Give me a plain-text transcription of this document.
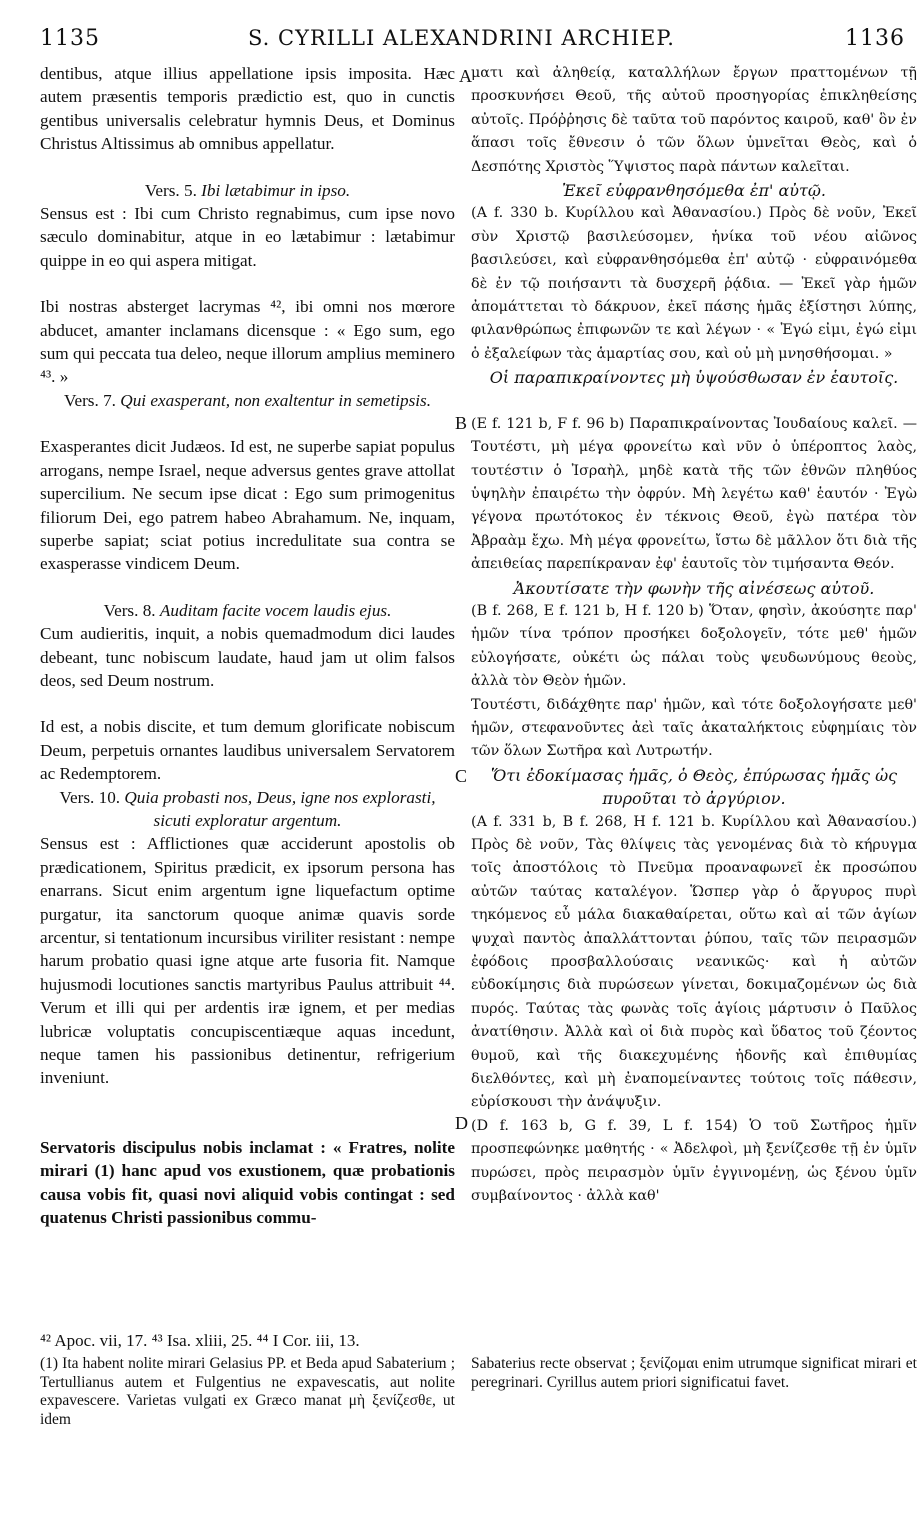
1135	S. CYRILLI ALEXANDRINI ARCHIEP.	1136
A
B
C
D

dentibus, atque illius appellatione ipsis imposita. Hæc autem præsentis temporis prædictio est, quo in cunctis gentibus universalis celebratur hymnis Deus, et Dominus Christus Altissimus ab omnibus appellatur.

Vers. 5. Ibi lætabimur in ipso.

Sensus est : Ibi cum Christo regnabimus, cum ipse novo sæculo dominabitur, atque in eo lætabimur : lætabimur quippe in eo qui aspera mitigat.

Ibi nostras absterget lacrymas ⁴², ibi omni nos mœrore abducet, amanter inclamans dicensque : « Ego sum, ego sum qui peccata tua deleo, neque illorum amplius meminero ⁴³. »

Vers. 7. Qui exasperant, non exaltentur in semetipsis.

Exasperantes dicit Judæos. Id est, ne superbe sapiat populus arrogans, nempe Israel, neque adversus gentes grave attollat supercilium. Ne secum ipse dicat : Ego sum primogenitus filiorum Dei, ego patrem habeo Abrahamum. Ne, inquam, superbe sapiat; sciat potius incredulitate sua contra se exasperasse vindicem Deum.

Vers. 8. Auditam facite vocem laudis ejus.

Cum audieritis, inquit, a nobis quemadmodum dici laudes debeant, tunc nobiscum laudate, haud jam ut olim falsos deos, sed Deum nostrum.

Id est, a nobis discite, et tum demum glorificate nobiscum Deum, perpetuis ornantes laudibus universalem Servatorem ac Redemptorem.

Vers. 10. Quia probasti nos, Deus, igne nos explorasti, sicuti exploratur argentum.

Sensus est : Afflictiones quæ acciderunt apostolis ob prædicationem, Spiritus prædicit, ex ipsorum persona has enarrans. Sicut enim argentum igne liquefactum optime purgatur, ita sanctorum quoque animæ quavis sorde arcentur, si tentationum incursibus viriliter resistant : nempe harum probatio quasi igne atque arte fusoria fit. Namque hujusmodi locutiones sanctis martyribus Paulus attribuit ⁴⁴. Verum et illi qui per ardentis iræ ignem, et per medias lubricæ voluptatis concupiscentiæque aquas incedunt, neque tamen his passionibus detinentur, refrigerium inveniunt.

Servatoris discipulus nobis inclamat : « Fratres, nolite mirari (1) hanc apud vos exustionem, quæ probationis causa vobis fit, quasi novi aliquid vobis contingat : sed quatenus Christi passionibus commu-

ματι καὶ ἀληθείᾳ, καταλλήλων ἔργων πραττομένων τῇ προσκυνήσει Θεοῦ, τῆς αὐτοῦ προσηγορίας ἐπικληθείσης αὐτοῖς. Πρόῤῥησις δὲ ταῦτα τοῦ παρόντος καιροῦ, καθ' ὃν ἐν ἅπασι τοῖς ἔθνεσιν ὁ τῶν ὅλων ὑμνεῖται Θεὸς, καὶ ὁ Δεσπότης Χριστὸς Ὕψιστος παρὰ πάντων καλεῖται.

Ἐκεῖ εὐφρανθησόμεθα ἐπ' αὐτῷ.

(A f. 330 b. Κυρίλλου καὶ Ἀθανασίου.) Πρὸς δὲ νοῦν, Ἐκεῖ σὺν Χριστῷ βασιλεύσομεν, ἡνίκα τοῦ νέου αἰῶνος βασιλεύσει, καὶ εὐφρανθησόμεθα ἐπ' αὐτῷ · εὐφραινόμεθα δὲ ἐν τῷ ποιήσαντι τὰ δυσχερῆ ῥᾴδια. — Ἐκεῖ γὰρ ἡμῶν ἀπομάττεται τὸ δάκρυον, ἐκεῖ πάσης ἡμᾶς ἐξίστησι λύπης, φιλανθρώπως ἐπιφωνῶν τε καὶ λέγων · « Ἐγώ εἰμι, ἐγώ εἰμι ὁ ἐξαλείφων τὰς ἁμαρτίας σου, καὶ οὐ μὴ μνησθήσομαι. »

Οἱ παραπικραίνοντες μὴ ὑψούσθωσαν ἐν ἑαυτοῖς.

(E f. 121 b, F f. 96 b) Παραπικραίνοντας Ἰουδαίους καλεῖ. — Τουτέστι, μὴ μέγα φρονείτω καὶ νῦν ὁ ὑπέροπτος λαὸς, τουτέστιν ὁ Ἰσραὴλ, μηδὲ κατὰ τῆς τῶν ἐθνῶν πληθύος ὑψηλὴν ἐπαιρέτω τὴν ὀφρύν. Μὴ λεγέτω καθ' ἑαυτόν · Ἐγὼ γέγονα πρωτότοκος ἐν τέκνοις Θεοῦ, ἐγὼ πατέρα τὸν Ἀβραὰμ ἔχω. Μὴ μέγα φρονείτω, ἴστω δὲ μᾶλλον ὅτι διὰ τῆς ἀπειθείας παρεπίκραναν ἐφ' ἑαυτοῖς τὸν τιμήσαντα Θεόν.

Ἀκουτίσατε τὴν φωνὴν τῆς αἰνέσεως αὐτοῦ.

(B f. 268, E f. 121 b, H f. 120 b) Ὅταν, φησὶν, ἀκούσητε παρ' ἡμῶν τίνα τρόπον προσήκει δοξολογεῖν, τότε μεθ' ἡμῶν εὐλογήσατε, οὐκέτι ὡς πάλαι τοὺς ψευδωνύμους θεοὺς, ἀλλὰ τὸν Θεὸν ἡμῶν.

Τουτέστι, διδάχθητε παρ' ἡμῶν, καὶ τότε δοξολογήσατε μεθ' ἡμῶν, στεφανοῦντες ἀεὶ ταῖς ἀκαταλήκτοις εὐφημίαις τὸν τῶν ὅλων Σωτῆρα καὶ Λυτρωτήν.

Ὅτι ἐδοκίμασας ἡμᾶς, ὁ Θεὸς, ἐπύρωσας ἡμᾶς ὡς πυροῦται τὸ ἀργύριον.

(A f. 331 b, B f. 268, H f. 121 b. Κυρίλλου καὶ Ἀθανασίου.) Πρὸς δὲ νοῦν, Τὰς θλίψεις τὰς γενομένας διὰ τὸ κήρυγμα τοῖς ἀποστόλοις τὸ Πνεῦμα προαναφωνεῖ ἐκ προσώπου αὐτῶν ταύτας καταλέγον. Ὥσπερ γὰρ ὁ ἄργυρος πυρὶ τηκόμενος εὖ μάλα διακαθαίρεται, οὕτω καὶ αἱ τῶν ἁγίων ψυχαὶ παντὸς ἀπαλλάττονται ῥύπου, ταῖς τῶν πειρασμῶν ἐφόδοις προσβαλλούσαις νεανικῶς· καὶ ἡ αὐτῶν εὐδοκίμησις διὰ πυρώσεων γίνεται, δοκιμαζομένων ὡς διὰ πυρός. Ταύτας τὰς φωνὰς τοῖς ἁγίοις μάρτυσιν ὁ Παῦλος ἀνατίθησιν. Ἀλλὰ καὶ οἱ διὰ πυρὸς καὶ ὕδατος τοῦ ζέοντος θυμοῦ, καὶ τῆς διακεχυμένης ἡδονῆς καὶ ἐπιθυμίας διελθόντες, καὶ μὴ ἐναπομείναντες τούτοις τοῖς πάθεσιν, εὑρίσκουσι τὴν ἀνάψυξιν.

(D f. 163 b, G f. 39, L f. 154) Ὁ τοῦ Σωτῆρος ἡμῖν προσπεφώνηκε μαθητής · « Ἀδελφοὶ, μὴ ξενίζεσθε τῇ ἐν ὑμῖν πυρώσει, πρὸς πειρασμὸν ὑμῖν ἐγγινομένῃ, ὡς ξένου ὑμῖν συμβαίνοντος · ἀλλὰ καθ'

⁴² Apoc. vii, 17. ⁴³ Isa. xliii, 25. ⁴⁴ I Cor. iii, 13.

(1) Ita habent nolite mirari Gelasius PP. et Beda apud Sabaterium ; Tertullianus autem et Fulgentius ne expavescatis, aut nolite expavescere. Varietas vulgati ex Græco manat μὴ ξενίζεσθε, ut idem

Sabaterius recte observat ; ξενίζομαι enim utrumque significat mirari et peregrinari. Cyrillus autem priori significatui favet.
